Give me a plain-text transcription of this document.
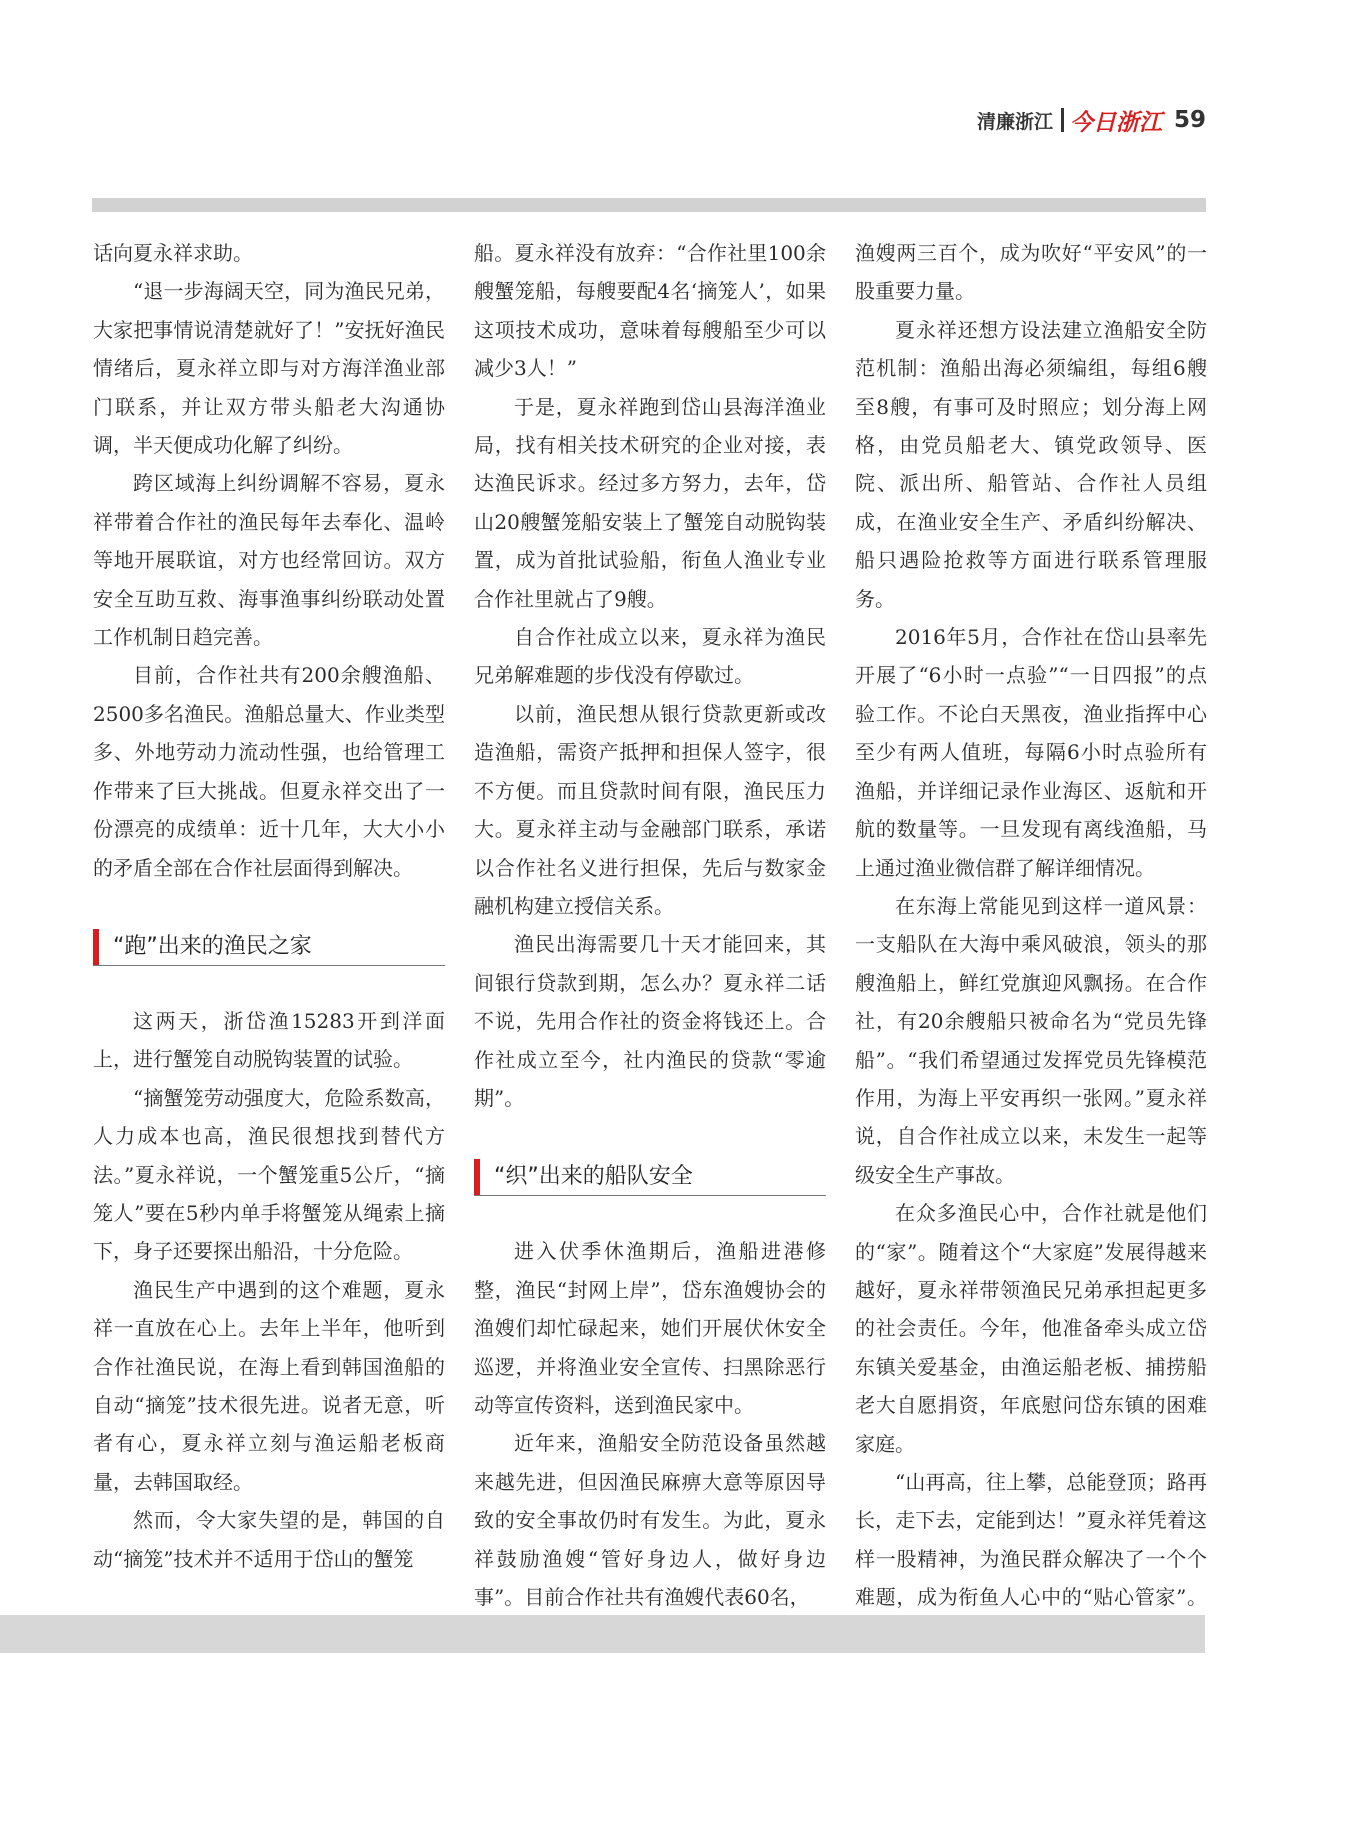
清廉浙江 今日浙江 59

话向夏永祥求助。

“退一步海阔天空，同为渔民兄弟，大家把事情说清楚就好了！”安抚好渔民情绪后，夏永祥立即与对方海洋渔业部门联系，并让双方带头船老大沟通协调，半天便成功化解了纠纷。

跨区域海上纠纷调解不容易，夏永祥带着合作社的渔民每年去奉化、温岭等地开展联谊，对方也经常回访。双方安全互助互救、海事渔事纠纷联动处置工作机制日趋完善。

目前，合作社共有200余艘渔船、2500多名渔民。渔船总量大、作业类型多、外地劳动力流动性强，也给管理工作带来了巨大挑战。但夏永祥交出了一份漂亮的成绩单：近十几年，大大小小的矛盾全部在合作社层面得到解决。

“跑”出来的渔民之家

这两天，浙岱渔15283开到洋面上，进行蟹笼自动脱钩装置的试验。

“摘蟹笼劳动强度大，危险系数高，人力成本也高，渔民很想找到替代方法。”夏永祥说，一个蟹笼重5公斤，“摘笼人”要在5秒内单手将蟹笼从绳索上摘下，身子还要探出船沿，十分危险。

渔民生产中遇到的这个难题，夏永祥一直放在心上。去年上半年，他听到合作社渔民说，在海上看到韩国渔船的自动“摘笼”技术很先进。说者无意，听者有心，夏永祥立刻与渔运船老板商量，去韩国取经。

然而，令大家失望的是，韩国的自动“摘笼”技术并不适用于岱山的蟹笼

船。夏永祥没有放弃：“合作社里100余艘蟹笼船，每艘要配4名‘摘笼人’，如果这项技术成功，意味着每艘船至少可以减少3人！”

于是，夏永祥跑到岱山县海洋渔业局，找有相关技术研究的企业对接，表达渔民诉求。经过多方努力，去年，岱山20艘蟹笼船安装上了蟹笼自动脱钩装置，成为首批试验船，衔鱼人渔业专业合作社里就占了9艘。

自合作社成立以来，夏永祥为渔民兄弟解难题的步伐没有停歇过。

以前，渔民想从银行贷款更新或改造渔船，需资产抵押和担保人签字，很不方便。而且贷款时间有限，渔民压力大。夏永祥主动与金融部门联系，承诺以合作社名义进行担保，先后与数家金融机构建立授信关系。

渔民出海需要几十天才能回来，其间银行贷款到期，怎么办？夏永祥二话不说，先用合作社的资金将钱还上。合作社成立至今，社内渔民的贷款“零逾期”。

“织”出来的船队安全

进入伏季休渔期后，渔船进港修整，渔民“封网上岸”，岱东渔嫂协会的渔嫂们却忙碌起来，她们开展伏休安全巡逻，并将渔业安全宣传、扫黑除恶行动等宣传资料，送到渔民家中。

近年来，渔船安全防范设备虽然越来越先进，但因渔民麻痹大意等原因导致的安全事故仍时有发生。为此，夏永祥鼓励渔嫂“管好身边人，做好身边事”。目前合作社共有渔嫂代表60名，

渔嫂两三百个，成为吹好“平安风”的一股重要力量。

夏永祥还想方设法建立渔船安全防范机制：渔船出海必须编组，每组6艘至8艘，有事可及时照应；划分海上网格，由党员船老大、镇党政领导、医院、派出所、船管站、合作社人员组成，在渔业安全生产、矛盾纠纷解决、船只遇险抢救等方面进行联系管理服务。

2016年5月，合作社在岱山县率先开展了“6小时一点验”“一日四报”的点验工作。不论白天黑夜，渔业指挥中心至少有两人值班，每隔6小时点验所有渔船，并详细记录作业海区、返航和开航的数量等。一旦发现有离线渔船，马上通过渔业微信群了解详细情况。

在东海上常能见到这样一道风景：一支船队在大海中乘风破浪，领头的那艘渔船上，鲜红党旗迎风飘扬。在合作社，有20余艘船只被命名为“党员先锋船”。“我们希望通过发挥党员先锋模范作用，为海上平安再织一张网。”夏永祥说，自合作社成立以来，未发生一起等级安全生产事故。

在众多渔民心中，合作社就是他们的“家”。随着这个“大家庭”发展得越来越好，夏永祥带领渔民兄弟承担起更多的社会责任。今年，他准备牵头成立岱东镇关爱基金，由渔运船老板、捕捞船老大自愿捐资，年底慰问岱东镇的困难家庭。

“山再高，往上攀，总能登顶；路再长，走下去，定能到达！”夏永祥凭着这样一股精神，为渔民群众解决了一个个难题，成为衔鱼人心中的“贴心管家”。
